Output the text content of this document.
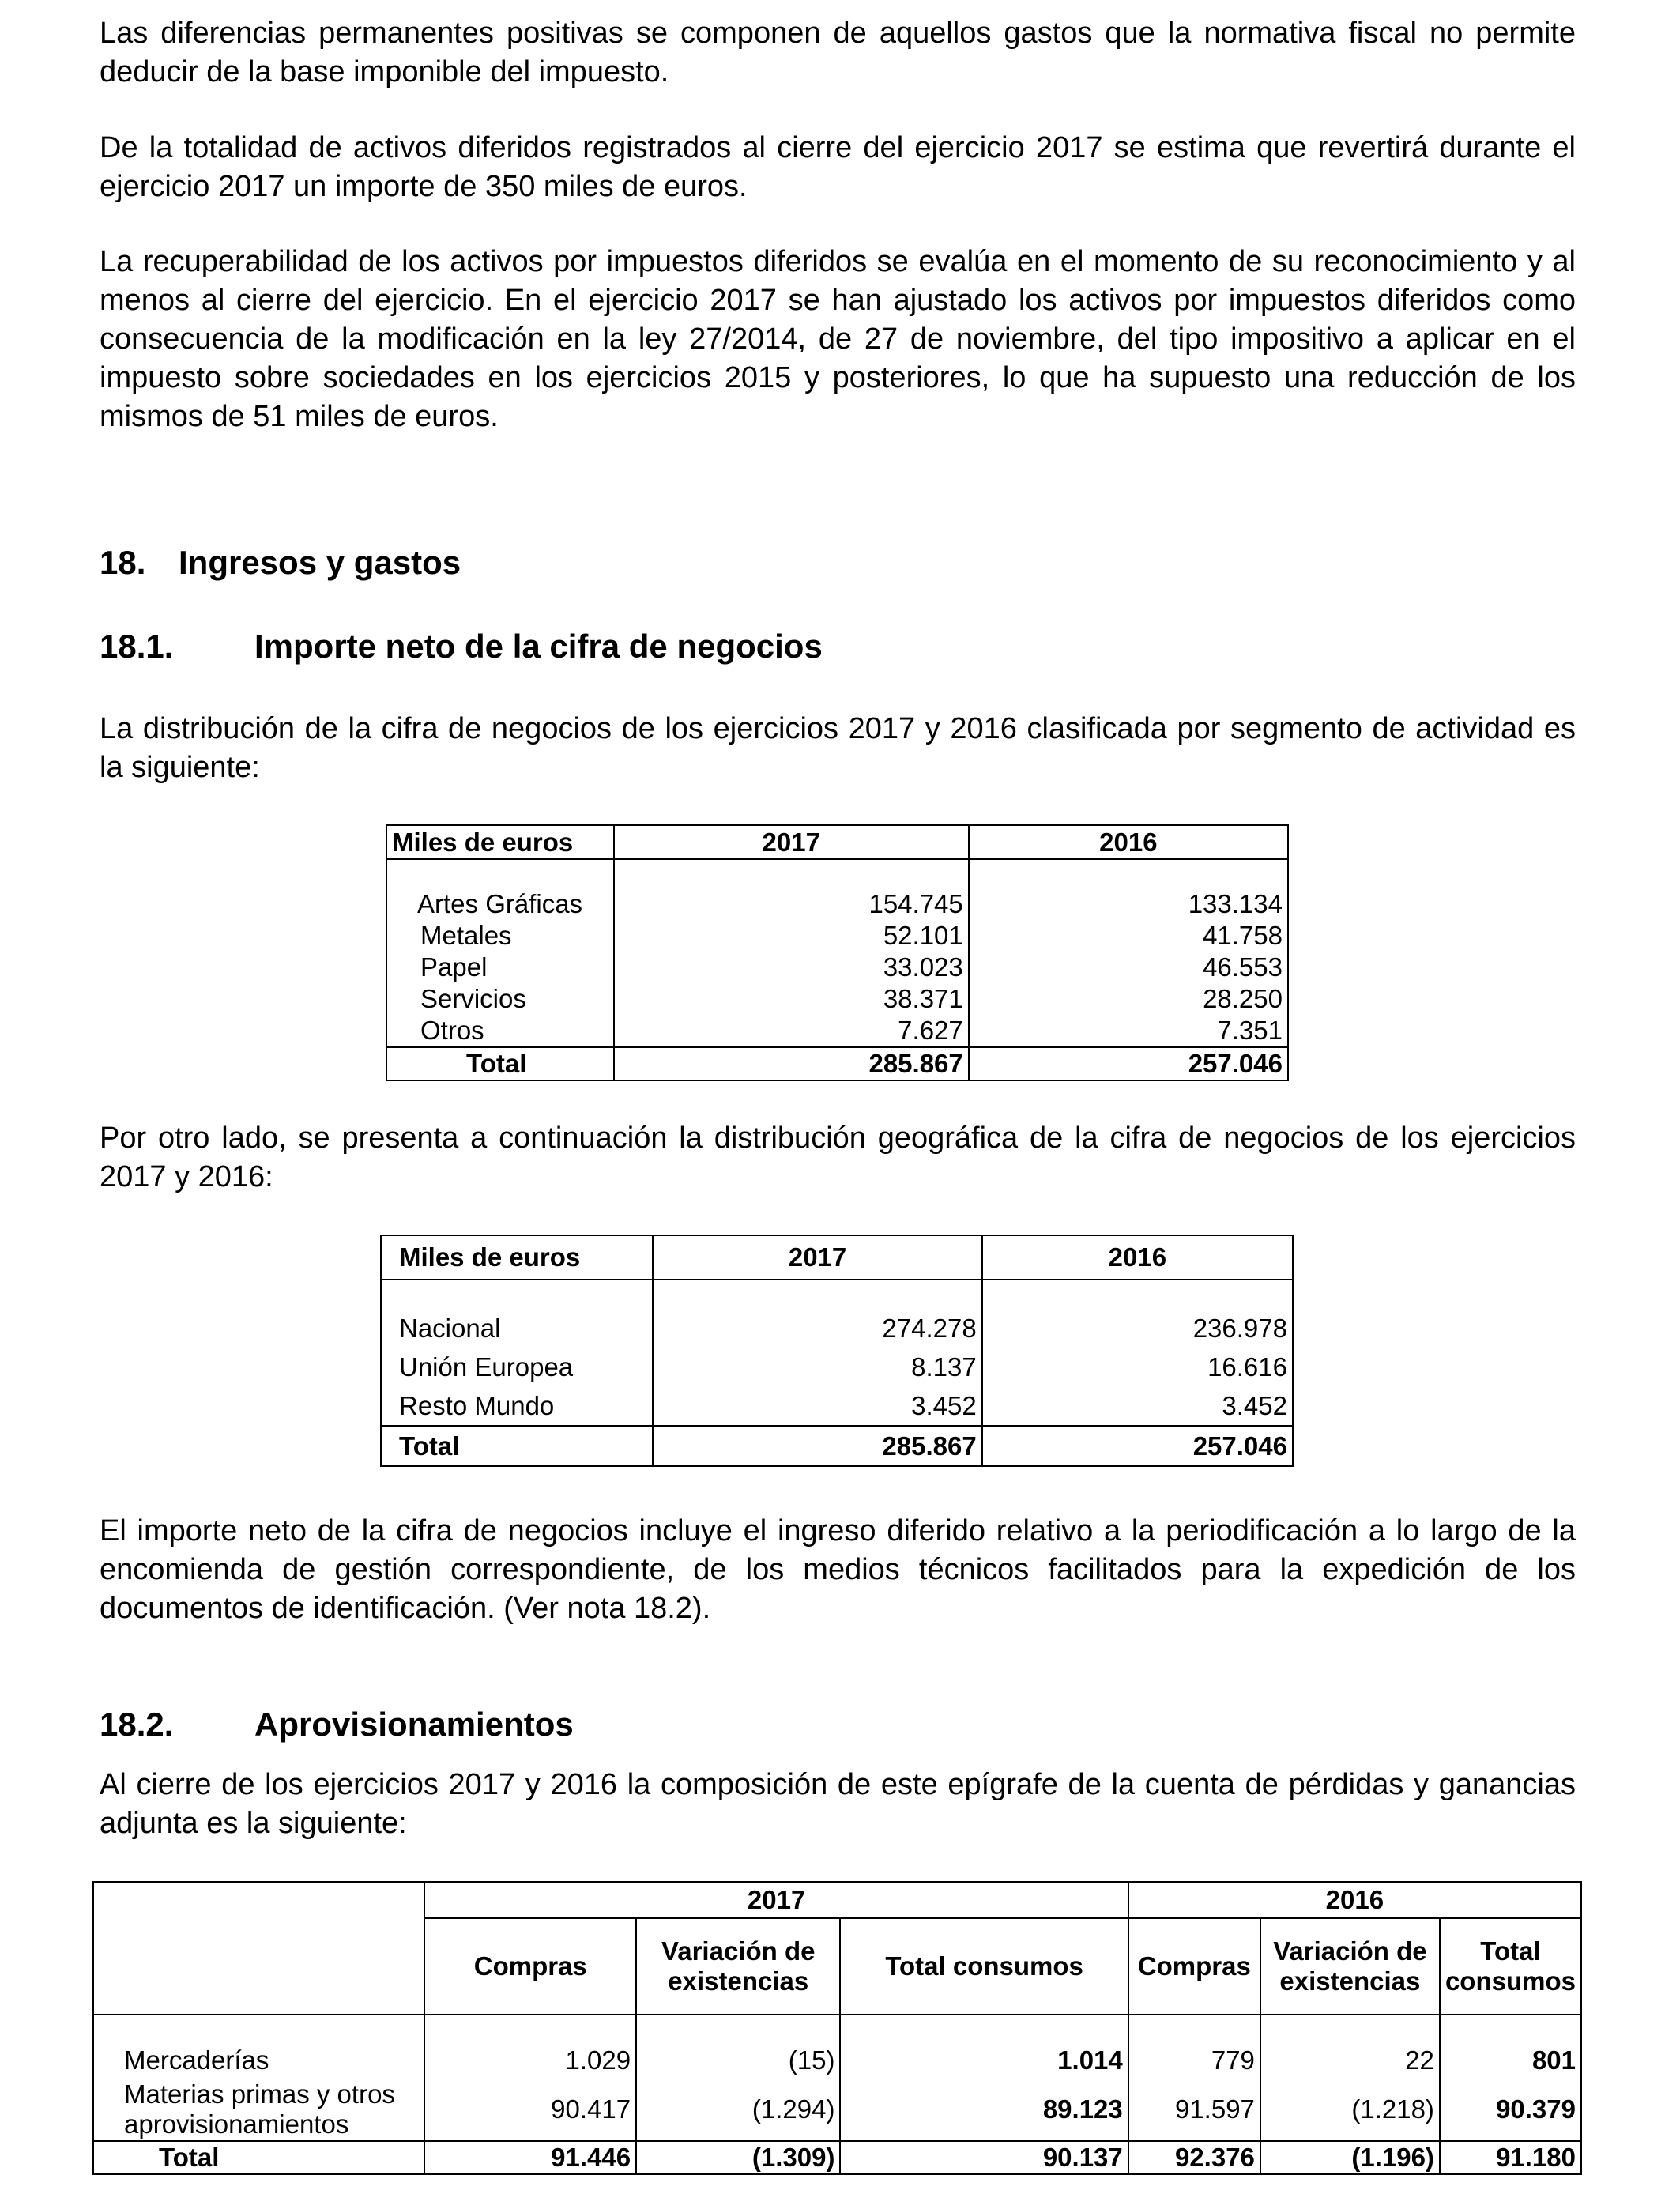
Las diferencias permanentes positivas se componen de aquellos gastos que la normativa fiscal no permite deducir de la base imponible del impuesto.

De la totalidad de activos diferidos registrados al cierre del ejercicio 2017 se estima que revertirá durante el ejercicio 2017 un importe de 350 miles de euros.

La recuperabilidad de los activos por impuestos diferidos se evalúa en el momento de su reconocimiento y al menos al cierre del ejercicio. En el ejercicio 2017 se han ajustado los activos por impuestos diferidos como consecuencia de la modificación en la ley 27/2014, de 27 de noviembre, del tipo impositivo a aplicar en el impuesto sobre sociedades en los ejercicios 2015 y posteriores, lo que ha supuesto una reducción de los mismos de 51 miles de euros.

18. Ingresos y gastos
18.1. Importe neto de la cifra de negocios

La distribución de la cifra de negocios de los ejercicios 2017 y 2016 clasificada por segmento de actividad es la siguiente:

Miles de euros	2017	2016

Artes Gráficas	154.745	133.134
Metales	52.101	41.758
Papel	33.023	46.553
Servicios	38.371	28.250
Otros	7.627	7.351
Total	285.867	257.046

Por otro lado, se presenta a continuación la distribución geográfica de la cifra de negocios de los ejercicios 2017 y 2016:

Miles de euros	2017	2016

Nacional	274.278	236.978
Unión Europea	8.137	16.616
Resto Mundo	3.452	3.452
Total	285.867	257.046

El importe neto de la cifra de negocios incluye el ingreso diferido relativo a la periodificación a lo largo de la encomienda de gestión correspondiente, de los medios técnicos facilitados para la expedición de los documentos de identificación. (Ver nota 18.2).

18.2. Aprovisionamientos

Al cierre de los ejercicios 2017 y 2016 la composición de este epígrafe de la cuenta de pérdidas y ganancias adjunta es la siguiente:

	2017			2016		
	Compras	Variación de existencias	Total consumos	Compras	Variación de existencias	Total consumos

Mercaderías	1.029	(15)	1.014	779	22	801
Materias primas y otros aprovisionamientos	90.417	(1.294)	89.123	91.597	(1.218)	90.379
Total	91.446	(1.309)	90.137	92.376	(1.196)	91.180
